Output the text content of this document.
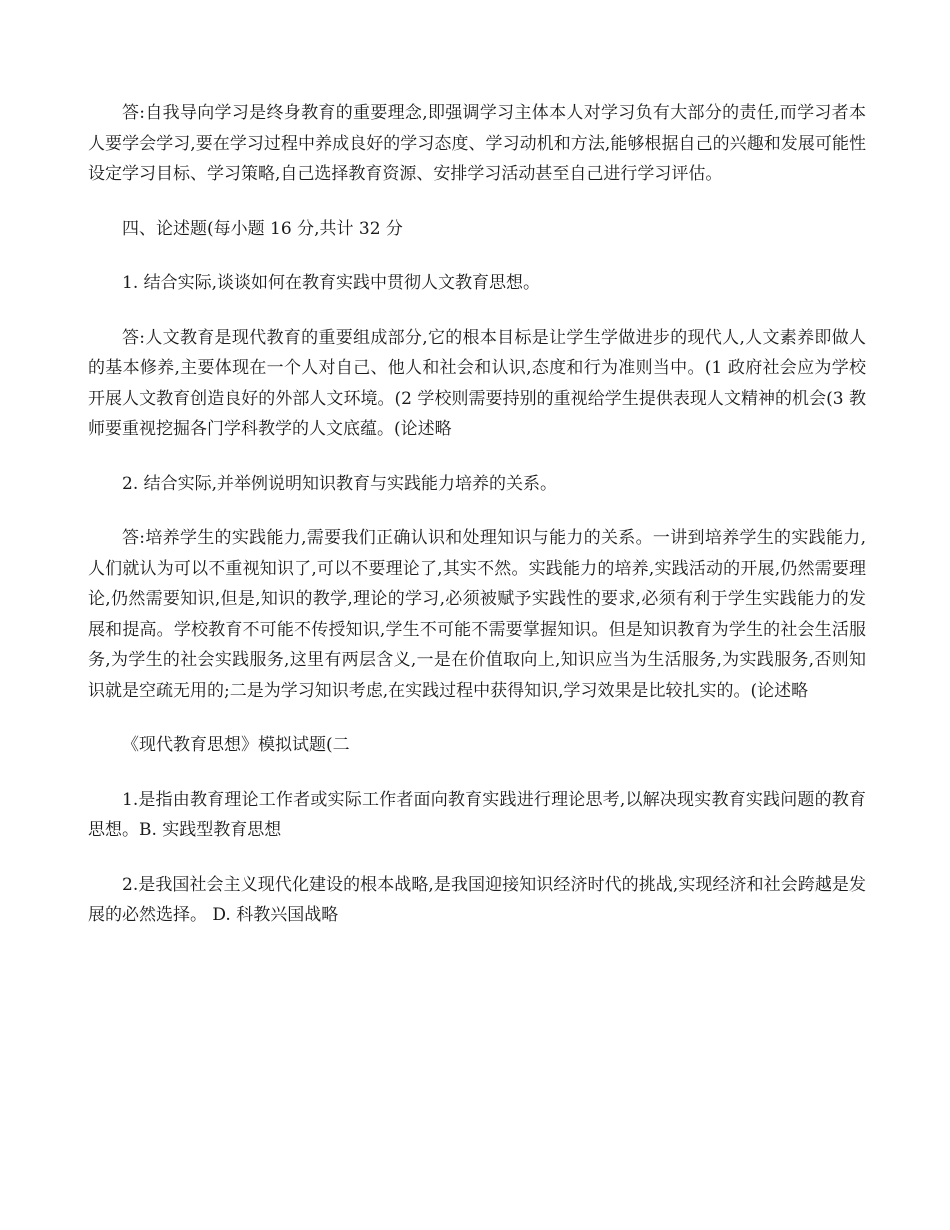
答:自我导向学习是终身教育的重要理念,即强调学习主体本人对学习负有大部分的责任,而学习者本人要学会学习,要在学习过程中养成良好的学习态度、学习动机和方法,能够根据自己的兴趣和发展可能性设定学习目标、学习策略,自己选择教育资源、安排学习活动甚至自己进行学习评估。

四、论述题(每小题 16 分,共计 32 分

1. 结合实际,谈谈如何在教育实践中贯彻人文教育思想。

答:人文教育是现代教育的重要组成部分,它的根本目标是让学生学做进步的现代人,人文素养即做人的基本修养,主要体现在一个人对自己、他人和社会和认识,态度和行为准则当中。(1 政府社会应为学校开展人文教育创造良好的外部人文环境。(2 学校则需要持别的重视给学生提供表现人文精神的机会(3 教师要重视挖掘各门学科教学的人文底蕴。(论述略

2. 结合实际,并举例说明知识教育与实践能力培养的关系。

答:培养学生的实践能力,需要我们正确认识和处理知识与能力的关系。一讲到培养学生的实践能力,人们就认为可以不重视知识了,可以不要理论了,其实不然。实践能力的培养,实践活动的开展,仍然需要理论,仍然需要知识,但是,知识的教学,理论的学习,必须被赋予实践性的要求,必须有利于学生实践能力的发展和提高。学校教育不可能不传授知识,学生不可能不需要掌握知识。但是知识教育为学生的社会生活服务,为学生的社会实践服务,这里有两层含义,一是在价值取向上,知识应当为生活服务,为实践服务,否则知识就是空疏无用的;二是为学习知识考虑,在实践过程中获得知识,学习效果是比较扎实的。(论述略

《现代教育思想》模拟试题(二

1.是指由教育理论工作者或实际工作者面向教育实践进行理论思考,以解决现实教育实践问题的教育思想。B. 实践型教育思想

2.是我国社会主义现代化建设的根本战略,是我国迎接知识经济时代的挑战,实现经济和社会跨越是发展的必然选择。 D. 科教兴国战略
